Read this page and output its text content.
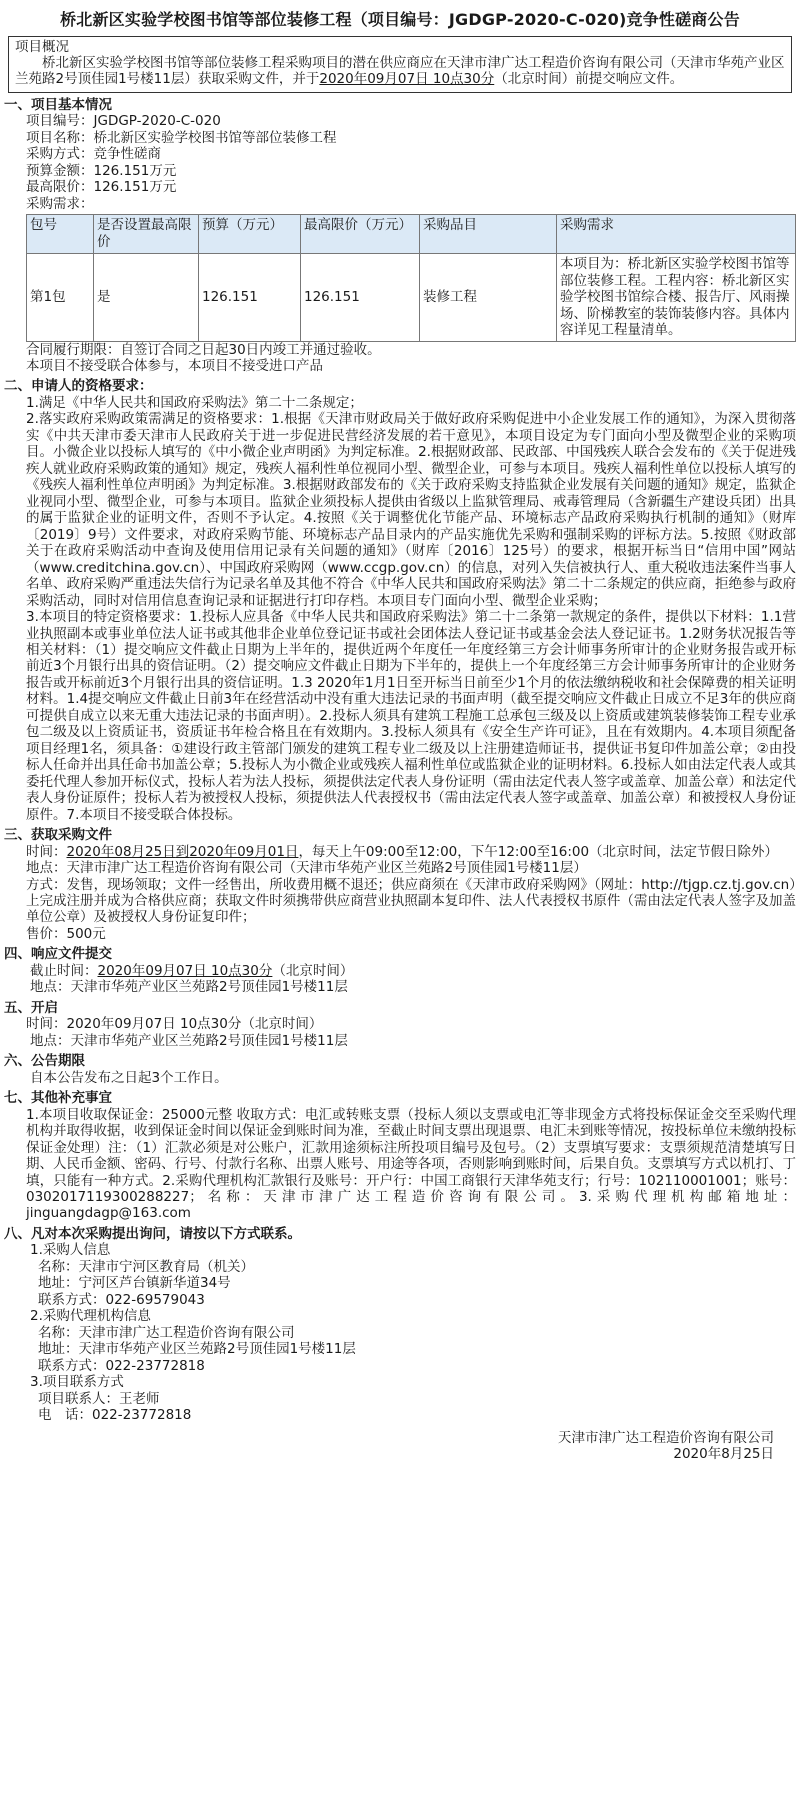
桥北新区实验学校图书馆等部位装修工程（项目编号：JGDGP-2020-C-020)竞争性磋商公告
项目概况
桥北新区实验学校图书馆等部位装修工程采购项目的潜在供应商应在天津市津广达工程造价咨询有限公司（天津市华苑产业区兰苑路2号顶佳园1号楼11层）获取采购文件，并于2020年09月07日 10点30分（北京时间）前提交响应文件。
一、项目基本情况
项目编号：JGDGP-2020-C-020
项目名称：桥北新区实验学校图书馆等部位装修工程
采购方式：竞争性磋商
预算金额：126.151万元
最高限价：126.151万元
采购需求：
包号	是否设置最高限价	预算（万元）	最高限价（万元）	采购品目	采购需求
第1包	是	126.151	126.151	装修工程	本项目为：桥北新区实验学校图书馆等部位装修工程。工程内容：桥北新区实验学校图书馆综合楼、报告厅、风雨操场、阶梯教室的装饰装修内容。具体内容详见工程量清单。
合同履行期限：自签订合同之日起30日内竣工并通过验收。
本项目不接受联合体参与，本项目不接受进口产品
二、申请人的资格要求：
1.满足《中华人民共和国政府采购法》第二十二条规定；
2.落实政府采购政策需满足的资格要求：1.根据《天津市财政局关于做好政府采购促进中小企业发展工作的通知》，为深入贯彻落实《中共天津市委天津市人民政府关于进一步促进民营经济发展的若干意见》，本项目设定为专门面向小型及微型企业的采购项目。小微企业以投标人填写的《中小微企业声明函》为判定标准。2.根据财政部、民政部、中国残疾人联合会发布的《关于促进残疾人就业政府采购政策的通知》规定，残疾人福利性单位视同小型、微型企业，可参与本项目。残疾人福利性单位以投标人填写的《残疾人福利性单位声明函》为判定标准。3.根据财政部发布的《关于政府采购支持监狱企业发展有关问题的通知》规定，监狱企业视同小型、微型企业，可参与本项目。监狱企业须投标人提供由省级以上监狱管理局、戒毒管理局（含新疆生产建设兵团）出具的属于监狱企业的证明文件，否则不予认定。4.按照《关于调整优化节能产品、环境标志产品政府采购执行机制的通知》（财库〔2019〕9号）文件要求，对政府采购节能、环境标志产品目录内的产品实施优先采购和强制采购的评标方法。5.按照《财政部关于在政府采购活动中查询及使用信用记录有关问题的通知》（财库〔2016〕125号）的要求，根据开标当日“信用中国”网站（www.creditchina.gov.cn）、中国政府采购网（www.ccgp.gov.cn）的信息，对列入失信被执行人、重大税收违法案件当事人名单、政府采购严重违法失信行为记录名单及其他不符合《中华人民共和国政府采购法》第二十二条规定的供应商，拒绝参与政府采购活动，同时对信用信息查询记录和证据进行打印存档。本项目专门面向小型、微型企业采购；
3.本项目的特定资格要求：1.投标人应具备《中华人民共和国政府采购法》第二十二条第一款规定的条件，提供以下材料：1.1营业执照副本或事业单位法人证书或其他非企业单位登记证书或社会团体法人登记证书或基金会法人登记证书。1.2财务状况报告等相关材料：（1）提交响应文件截止日期为上半年的，提供近两个年度任一年度经第三方会计师事务所审计的企业财务报告或开标前近3个月银行出具的资信证明。（2）提交响应文件截止日期为下半年的，提供上一个年度经第三方会计师事务所审计的企业财务报告或开标前近3个月银行出具的资信证明。1.3 2020年1月1日至开标当日前至少1个月的依法缴纳税收和社会保障费的相关证明材料。1.4提交响应文件截止日前3年在经营活动中没有重大违法记录的书面声明（截至提交响应文件截止日成立不足3年的供应商可提供自成立以来无重大违法记录的书面声明）。2.投标人须具有建筑工程施工总承包三级及以上资质或建筑装修装饰工程专业承包二级及以上资质证书，资质证书年检合格且在有效期内。3.投标人须具有《安全生产许可证》，且在有效期内。4.本项目须配备项目经理1名，须具备：①建设行政主管部门颁发的建筑工程专业二级及以上注册建造师证书，提供证书复印件加盖公章；②由投标人任命并出具任命书加盖公章；5.投标人为小微企业或残疾人福利性单位或监狱企业的证明材料。6.投标人如由法定代表人或其委托代理人参加开标仪式，投标人若为法人投标，须提供法定代表人身份证明（需由法定代表人签字或盖章、加盖公章）和法定代表人身份证原件；投标人若为被授权人投标，须提供法人代表授权书（需由法定代表人签字或盖章、加盖公章）和被授权人身份证原件。7.本项目不接受联合体投标。
三、获取采购文件
时间：2020年08月25日到2020年09月01日，每天上午09:00至12:00，下午12:00至16:00（北京时间，法定节假日除外）
地点：天津市津广达工程造价咨询有限公司（天津市华苑产业区兰苑路2号顶佳园1号楼11层）
方式：发售，现场领取；文件一经售出，所收费用概不退还；供应商须在《天津市政府采购网》（网址：http://tjgp.cz.tj.gov.cn）上完成注册并成为合格供应商；获取文件时须携带供应商营业执照副本复印件、法人代表授权书原件（需由法定代表人签字及加盖单位公章）及被授权人身份证复印件；
售价：500元
四、响应文件提交
截止时间：2020年09月07日 10点30分（北京时间）
地点：天津市华苑产业区兰苑路2号顶佳园1号楼11层
五、开启
时间：2020年09月07日 10点30分（北京时间）
地点：天津市华苑产业区兰苑路2号顶佳园1号楼11层
六、公告期限
自本公告发布之日起3个工作日。
七、其他补充事宜
1.本项目收取保证金：25000元整 收取方式：电汇或转账支票（投标人须以支票或电汇等非现金方式将投标保证金交至采购代理机构并取得收据，收到保证金时间以保证金到账时间为准，至截止时间支票出现退票、电汇未到账等情况，按投标单位未缴纳投标保证金处理）注：（1）汇款必须是对公账户，汇款用途须标注所投项目编号及包号。（2）支票填写要求：支票须规范清楚填写日期、人民币金额、密码、行号、付款行名称、出票人账号、用途等各项，否则影响到账时间，后果自负。支票填写方式以机打、丁填，只能有一种方式。2.采购代理机构汇款银行及账号：开户行：中国工商银行天津华苑支行；行号：102110001001；账号：0302017119300288227；名称：天津市津广达工程造价咨询有限公司。3.采购代理机构邮箱地址：jinguangdagp@163.com
八、凡对本次采购提出询问，请按以下方式联系。
1.采购人信息
名称：天津市宁河区教育局（机关）
地址：宁河区芦台镇新华道34号
联系方式：022-69579043
2.采购代理机构信息
名称：天津市津广达工程造价咨询有限公司
地址：天津市华苑产业区兰苑路2号顶佳园1号楼11层
联系方式：022-23772818
3.项目联系方式
项目联系人：王老师
电　话：022-23772818
天津市津广达工程造价咨询有限公司
2020年8月25日
